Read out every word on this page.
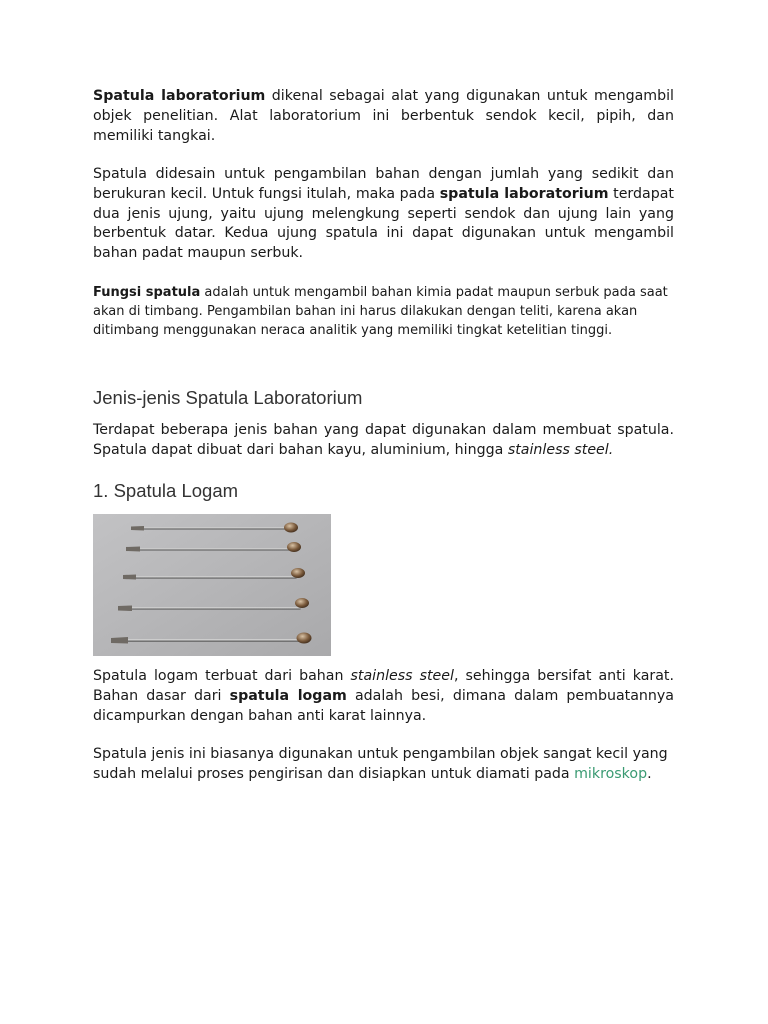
Spatula laboratorium dikenal sebagai alat yang digunakan untuk mengambil objek penelitian. Alat laboratorium ini berbentuk sendok kecil, pipih, dan memiliki tangkai.

Spatula didesain untuk pengambilan bahan dengan jumlah yang sedikit dan berukuran kecil. Untuk fungsi itulah, maka pada spatula laboratorium terdapat dua jenis ujung, yaitu ujung melengkung seperti sendok dan ujung lain yang berbentuk datar. Kedua ujung spatula ini dapat digunakan untuk mengambil bahan padat maupun serbuk.

Fungsi spatula adalah untuk mengambil bahan kimia padat maupun serbuk pada saat akan di timbang. Pengambilan bahan ini harus dilakukan dengan teliti, karena akan ditimbang menggunakan neraca analitik yang memiliki tingkat ketelitian tinggi.

Jenis-jenis Spatula Laboratorium

Terdapat beberapa jenis bahan yang dapat digunakan dalam membuat spatula. Spatula dapat dibuat dari bahan kayu, aluminium, hingga stainless steel.

1. Spatula Logam

Spatula logam terbuat dari bahan stainless steel, sehingga bersifat anti karat. Bahan dasar dari spatula logam adalah besi, dimana dalam pembuatannya dicampurkan dengan bahan anti karat lainnya.

Spatula jenis ini biasanya digunakan untuk pengambilan objek sangat kecil yang sudah melalui proses pengirisan dan disiapkan untuk diamati pada mikroskop.
